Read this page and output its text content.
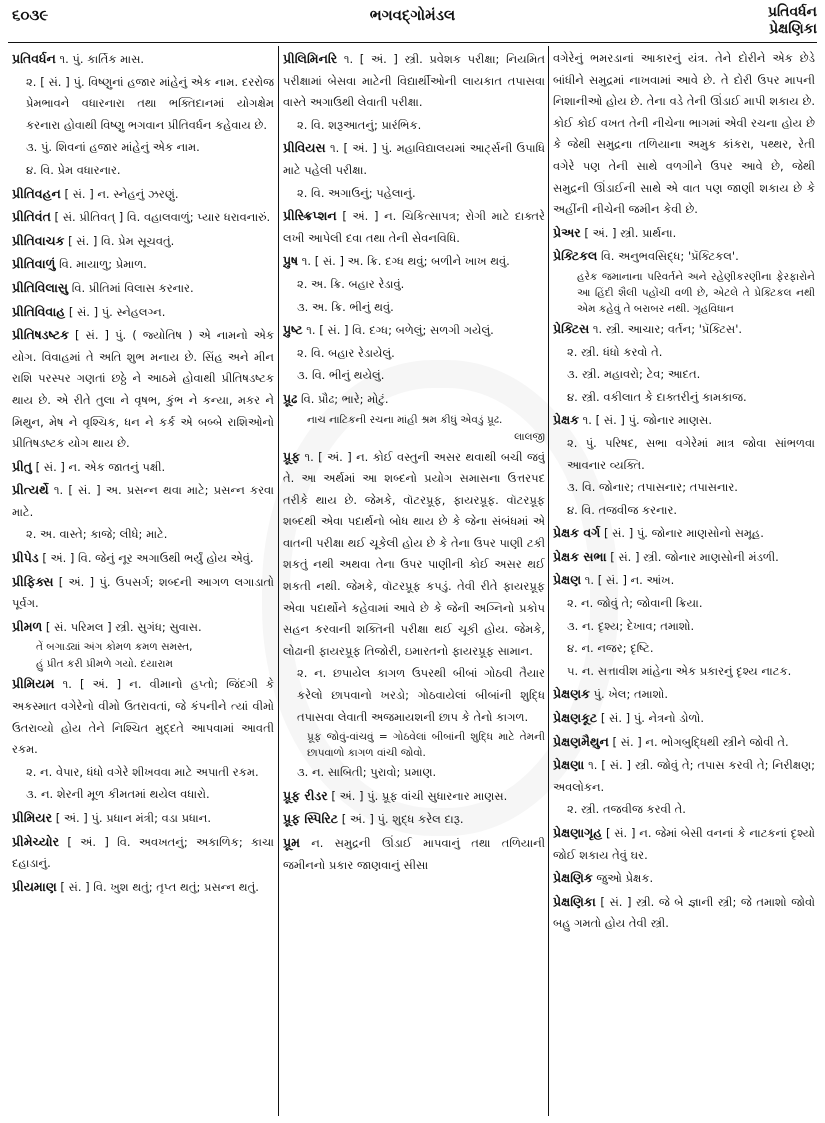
૬૦૩૯	ભગવદ્ગોમંડલ	પ્રતિવર્ધન
પ્રેક્ષણિકા
પ્રતિવર્ધન ૧. પું. કાર્તિક માસ.
૨. [ સં. ] પું. વિષ્ણુનાં હજાર માંહેનું એક નામ. દરરોજ પ્રેમભાવને વધારનારા તથા ભક્તિદાનમાં યોગક્ષેમ કરનારા હોવાથી વિષ્ણુ ભગવાન પ્રીતિવર્ધન કહેવાય છે.
૩. પું. શિવનાં હજાર માંહેનું એક નામ.
૪. વિ. પ્રેમ વધારનાર.
પ્રીતિવહન [ સં. ] ન. સ્નેહનું ઝરણું.
પ્રીતિવંત [ સં. પ્રીતિવત્ ] વિ. વહાલવાળું; પ્યાર ધરાવનારું.
પ્રીતિવાચક [ સં. ] વિ. પ્રેમ સૂચવતું.
પ્રીતિવાળું વિ. માયાળુ; પ્રેમાળ.
પ્રીતિવિલાસુ વિ. પ્રીતિમાં વિલાસ કરનાર.
પ્રીતિવિવાહ [ સં. ] પું. સ્નેહલગ્ન.
પ્રીતિષડષ્ટક [ સં. ] પું. ( જ્યોતિષ ) એ નામનો એક યોગ. વિવાહમાં તે અતિ શુભ મનાય છે. સિંહ અને મીન રાશિ પરસ્પર ગણતાં છઠ્ઠે ને આઠમે હોવાથી પ્રીતિષડષ્ટક થાય છે. એ રીતે તુલા ને વૃષભ, કુંભ ને કન્યા, મકર ને મિથુન, મેષ ને વૃશ્ચિક, ધન ને કર્ક એ બબ્બે રાશિઓનો પ્રીતિષડષ્ટક યોગ થાય છે.
પ્રીતુ [ સં. ] ન. એક જાતનું પક્ષી.
પ્રીત્યર્થે ૧. [ સં. ] અ. પ્રસન્ન થવા માટે; પ્રસન્ન કરવા માટે.
૨. અ. વાસ્તે; કાજે; લીધે; માટે.
પ્રીપેડ [ અં. ] વિ. જેનું નૂર અગાઉથી ભર્યું હોય એવું.
પ્રીફિક્સ [ અં. ] પું. ઉપસર્ગ; શબ્દની આગળ લગાડાતો પૂર્વગ.
પ્રીમળ [ સં. પરિમલ ] સ્ત્રી. સુગંધ; સુવાસ.
તેં બગાડ્યાં અંગ કોમળ કમળ સમસ્ત,
હું પ્રીત કરી પ્રીમળે ગયો. દયારામ
પ્રીમિયમ ૧. [ અં. ] ન. વીમાનો હપ્તો; જિંદગી કે અકસ્માત વગેરેનો વીમો ઉતરાવતાં, જે કંપનીને ત્યાં વીમો ઉતરાવ્યો હોય તેને નિશ્ચિત મુદ્દતે આપવામાં આવતી રકમ.
૨. ન. વેપાર, ધંધો વગેરે શીખવવા માટે અપાતી રકમ.
૩. ન. શેરની મૂળ કીમતમાં થયેલ વધારો.
પ્રીમિયર [ અં. ] પું. પ્રધાન મંત્રી; વડા પ્રધાન.
પ્રીમેચ્યોર [ અં. ] વિ. અવખતનું; અકાળિક; કાચા દહાડાનું.
પ્રીયમાણ [ સં. ] વિ. ખુશ થતું; તૃપ્ત થતું; પ્રસન્ન થતું.
પ્રીલિમિનરિ ૧. [ અં. ] સ્ત્રી. પ્રવેશક પરીક્ષા; નિયમિત પરીક્ષામાં બેસવા માટેની વિદ્યાર્થીઓની લાયકાત તપાસવા વાસ્તે અગાઉથી લેવાતી પરીક્ષા.
૨. વિ. શરૂઆતનું; પ્રારંભિક.
પ્રીવિયસ ૧. [ અં. ] પું. મહાવિદ્યાલયમાં આર્ટ્સની ઉપાધિ માટે પહેલી પરીક્ષા.
૨. વિ. અગાઉનું; પહેલાનું.
પ્રીસ્ક્રિપ્શન [ અં. ] ન. ચિકિત્સાપત્ર; રોગી માટે દાક્તરે લખી આપેલી દવા તથા તેની સેવનવિધિ.
પ્રુષ ૧. [ સં. ] અ. ક્રિ. દગ્ધ થવું; બળીને ખાખ થવું.
૨. અ. ક્રિ. બહાર રેડાવું.
૩. અ. ક્રિ. ભીનું થવું.
પ્રુષ્ટ ૧. [ સં. ] વિ. દગ્ધ; બળેલું; સળગી ગયેલું.
૨. વિ. બહાર રેડાયેલું.
૩. વિ. ભીનું થયેલું.
પ્રૂઢ વિ. પ્રૌઢ; ભારે; મોટું.
નાચ નાટિકની રચના માંહી શ્રમ કીધું એવડું પ્રૂઢ.
લાલજી
પ્રૂફ ૧. [ અં. ] ન. કોઈ વસ્તુની અસર થવાથી બચી જવું તે. આ અર્થમાં આ શબ્દનો પ્રયોગ સમાસના ઉત્તરપદ તરીકે થાય છે. જેમકે, વૉટરપ્રૂફ, ફાયરપ્રૂફ. વૉટરપ્રૂફ શબ્દથી એવા પદાર્થનો બોધ થાય છે કે જેના સંબંધમાં એ વાતની પરીક્ષા થઈ ચૂકેલી હોય છે કે તેના ઉપર પાણી ટકી શકતું નથી અથવા તેના ઉપર પાણીની કોઈ અસર થઈ શકતી નથી. જેમકે, વૉટરપ્રૂફ કપડું. તેવી રીતે ફાયરપ્રૂફ એવા પદાર્થોને કહેવામાં આવે છે કે જેની અગ્નિનો પ્રકોપ સહન કરવાની શક્તિની પરીક્ષા થઈ ચૂકી હોય. જેમકે, લોઢાની ફાયરપ્રૂફ તિજોરી, ઇમારતનો ફાયરપ્રૂફ સામાન.
૨. ન. છપાયેલ કાગળ ઉપરથી બીબાં ગોઠવી તૈયાર કરેલો છાપવાનો ખરડો; ગોઠવાયેલાં બીબાંની શુદ્ધિ તપાસવા લેવાતી અજમાયશની છાપ કે તેનો કાગળ.
પ્રૂફ જોવું-વાંચવું = ગોઠવેલાં બીબાંની શુદ્ધિ માટે તેમની છાપવાળો કાગળ વાંચી જોવો.
૩. ન. સાબિતી; પુરાવો; પ્રમાણ.
પ્રૂફ રીડર [ અં. ] પું. પ્રૂફ વાંચી સુધારનાર માણસ.
પ્રૂફ સ્પિરિટ [ અં. ] પું. શુદ્ધ કરેલ દારૂ.
પ્રૂમ ન. સમુદ્રની ઊંડાઈ માપવાનું તથા તળિયાની જમીનનો પ્રકાર જાણવાનું સીસા
વગેરેનું ભમરડાનાં આકારનું યંત્ર. તેને દોરીને એક છેડે બાંધીને સમુદ્રમાં નાખવામાં આવે છે. તે દોરી ઉપર માપની નિશાનીઓ હોય છે. તેના વડે તેની ઊંડાઈ માપી શકાય છે. કોઈ કોઈ વખત તેની નીચેના ભાગમાં એવી રચના હોય છે કે જેથી સમુદ્રના તળિયાના અમુક કાંકરા, પથ્થર, રેતી વગેરે પણ તેની સાથે વળગીને ઉપર આવે છે, જેથી સમુદ્રની ઊંડાઈની સાથે એ વાત પણ જાણી શકાય છે કે અહીંની નીચેની જમીન કેવી છે.
પ્રેઅર [ અં. ] સ્ત્રી. પ્રાર્થના.
પ્રેક્ટિકલ વિ. અનુભવસિદ્ધ; 'પ્રૅક્ટિકલ'.
હરેક જમાનાના પરિવર્તને અને રહેણીકરણીના ફેરફારોને આ હિંદી શૈલી પહોંચી વળી છે, એટલે તે પ્રેક્ટિકલ નથી એમ કહેવું તે બરાબર નથી. ગૃહવિધાન
પ્રેક્ટિસ ૧. સ્ત્રી. આચાર; વર્તન; 'પ્રૅક્ટિસ'.
૨. સ્ત્રી. ધંધો કરવો તે.
૩. સ્ત્રી. મહાવરો; ટેવ; આદત.
૪. સ્ત્રી. વકીલાત કે દાક્તરીનું કામકાજ.
પ્રેક્ષક ૧. [ સં. ] પું. જોનાર માણસ.
૨. પું. પરિષદ, સભા વગેરેમાં માત્ર જોવા સાંભળવા આવનાર વ્યક્તિ.
૩. વિ. જોનાર; તપાસનાર; તપાસનાર.
૪. વિ. તજવીજ કરનાર.
પ્રેક્ષક વર્ગ [ સં. ] પું. જોનાર માણસોનો સમૂહ.
પ્રેક્ષક સભા [ સં. ] સ્ત્રી. જોનાર માણસોની મંડળી.
પ્રેક્ષણ ૧. [ સં. ] ન. આંખ.
૨. ન. જોવું તે; જોવાની ક્રિયા.
૩. ન. દૃશ્ય; દેખાવ; તમાશો.
૪. ન. નજર; દૃષ્ટિ.
૫. ન. સત્તાવીશ માંહેના એક પ્રકારનું દૃશ્ય નાટક.
પ્રેક્ષણક પું. ખેલ; તમાશો.
પ્રેક્ષણકૂટ [ સં. ] પું. નેત્રનો ડોળો.
પ્રેક્ષણમૈથુન [ સં. ] ન. ભોગબુદ્ધિથી સ્ત્રીને જોવી તે.
પ્રેક્ષણા ૧. [ સં. ] સ્ત્રી. જોવું તે; તપાસ કરવી તે; નિરીક્ષણ; અવલોકન.
૨. સ્ત્રી. તજવીજ કરવી તે.
પ્રેક્ષણાગૃહ [ સં. ] ન. જેમાં બેસી વનનાં કે નાટકનાં દૃશ્યો જોઈ શકાય તેવું ઘર.
પ્રેક્ષણિક જુઓ પ્રેક્ષક.
પ્રેક્ષણિકા [ સં. ] સ્ત્રી. જે બે જ્ઞાની સ્ત્રી; જે તમાશો જોવો બહુ ગમતો હોય તેવી સ્ત્રી.
